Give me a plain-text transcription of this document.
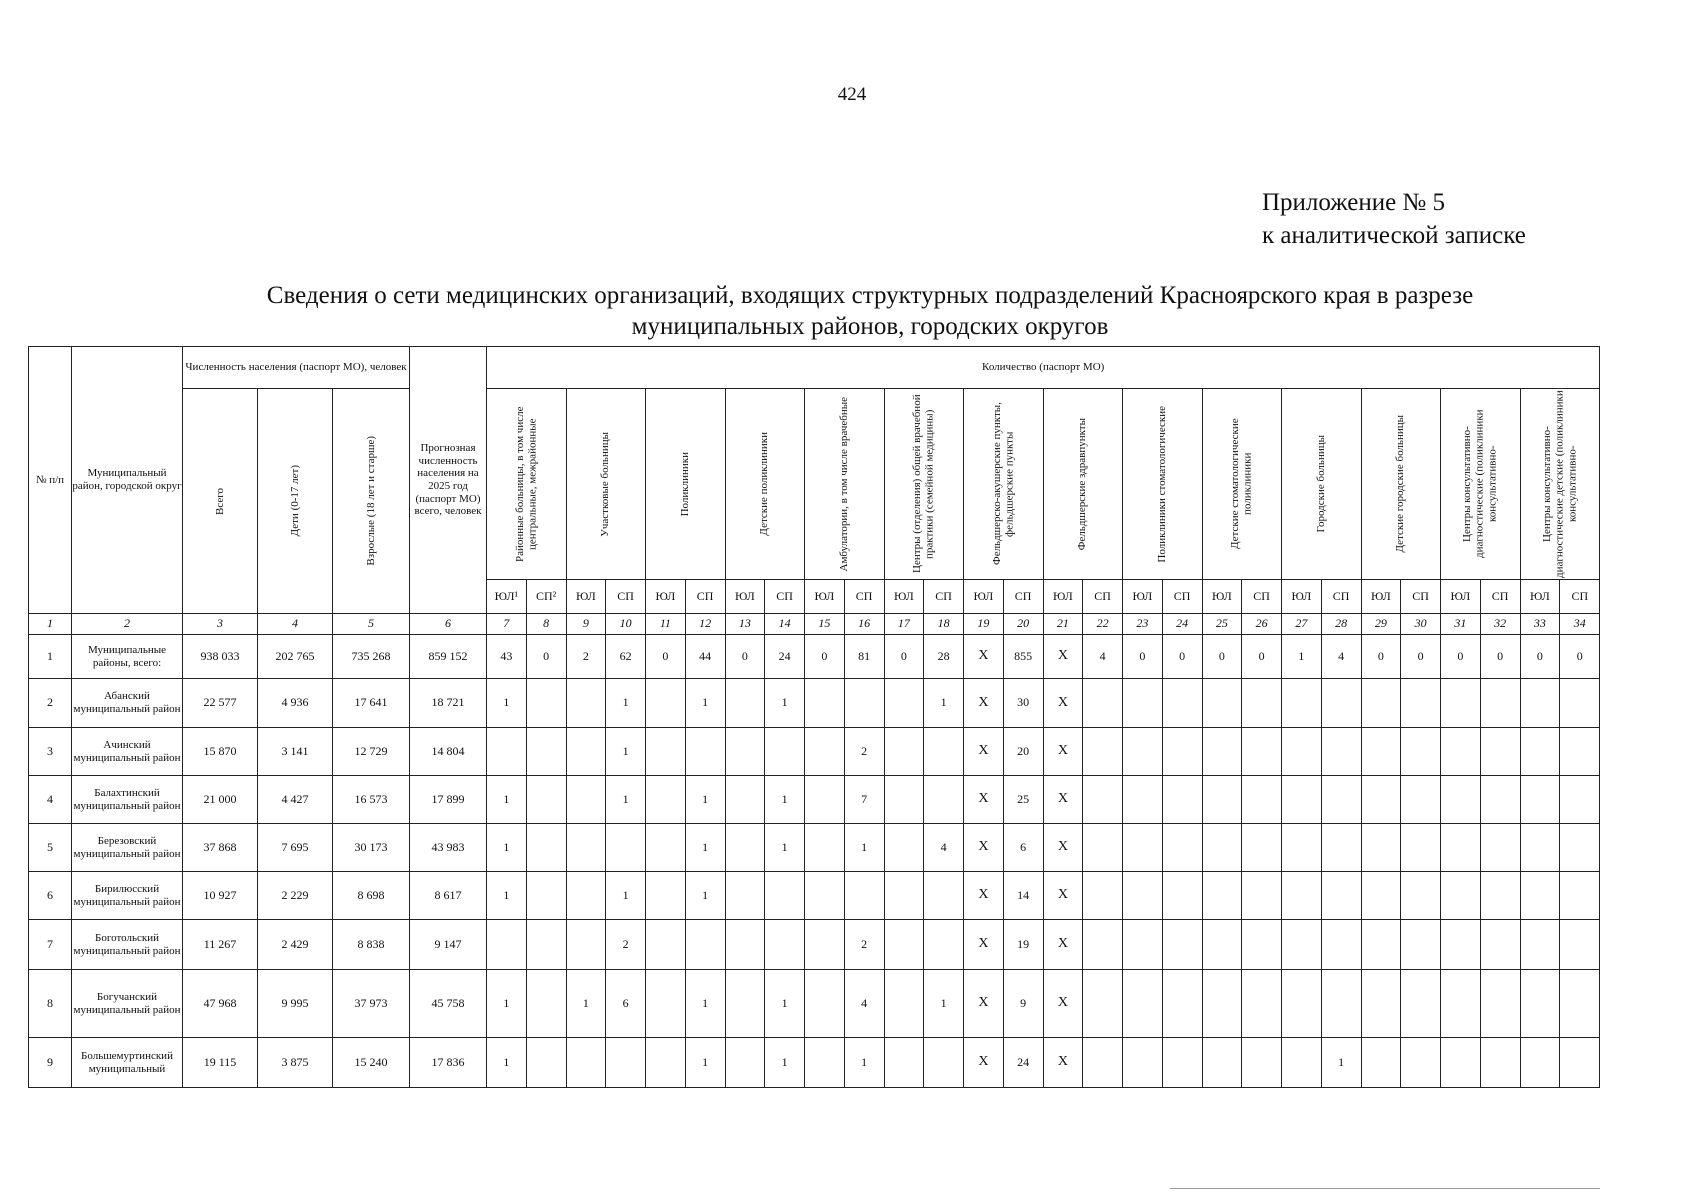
424
Приложение № 5
к аналитической записке
Сведения о сети медицинских организаций, входящих структурных подразделений Красноярского края в разрезе
муниципальных районов, городских округов
№ п/п	Муниципальный район, городской округ	Численность населения (паспорт МО), человек			Прогнозная численность населения на 2025 год (паспорт МО) всего, человек	Количество (паспорт МО)																											

		Всего	Дети (0-17 лет)	Взрослые (18 лет и старше)		Районные больницы, в том числе центральные, межрайонные		Участковые больницы		Поликлиники		Детские поликлиники		Амбулатории, в том числе врачебные		Центры (отделения) общей врачебной практики (семейной медицины)		Фельдшерско-акушерские пункты, фельдшерские пункты		Фельдшерские здравпункты		Поликлиники стоматологические		Детские стоматологические поликлиники		Городские больницы		Детские городские больницы		Центры консультативно-диагностические (поликлиники консультативно-		Центры консультативно-диагностические детские (поликлиники консультативно-	

						ЮЛ¹	СП²	ЮЛ	СП	ЮЛ	СП	ЮЛ	СП	ЮЛ	СП	ЮЛ	СП	ЮЛ	СП	ЮЛ	СП	ЮЛ	СП	ЮЛ	СП	ЮЛ	СП	ЮЛ	СП	ЮЛ	СП	ЮЛ	СП
1	2	3	4	5	6	7	8	9	10	11	12	13	14	15	16	17	18	19	20	21	22	23	24	25	26	27	28	29	30	31	32	33	34
1	Муниципальные районы, всего:	938 033	202 765	735 268	859 152	43	0	2	62	0	44	0	24	0	81	0	28	X	855	X	4	0	0	0	0	1	4	0	0	0	0	0	0
2	Абанский муниципальный район	22 577	4 936	17 641	18 721	1			1		1		1				1	X	30	X													
3	Ачинский муниципальный район	15 870	3 141	12 729	14 804				1						2			X	20	X													
4	Балахтинский муниципальный район	21 000	4 427	16 573	17 899	1			1		1		1		7			X	25	X													
5	Березовский муниципальный район	37 868	7 695	30 173	43 983	1					1		1		1		4	X	6	X													
6	Бирилюсский муниципальный район	10 927	2 229	8 698	8 617	1			1		1							X	14	X													
7	Боготольский муниципальный район	11 267	2 429	8 838	9 147				2						2			X	19	X													
8	Богучанский муниципальный район	47 968	9 995	37 973	45 758	1		1	6		1		1		4		1	X	9	X													
9	Большемуртинский муниципальный	19 115	3 875	15 240	17 836	1					1		1		1			X	24	X							1						
